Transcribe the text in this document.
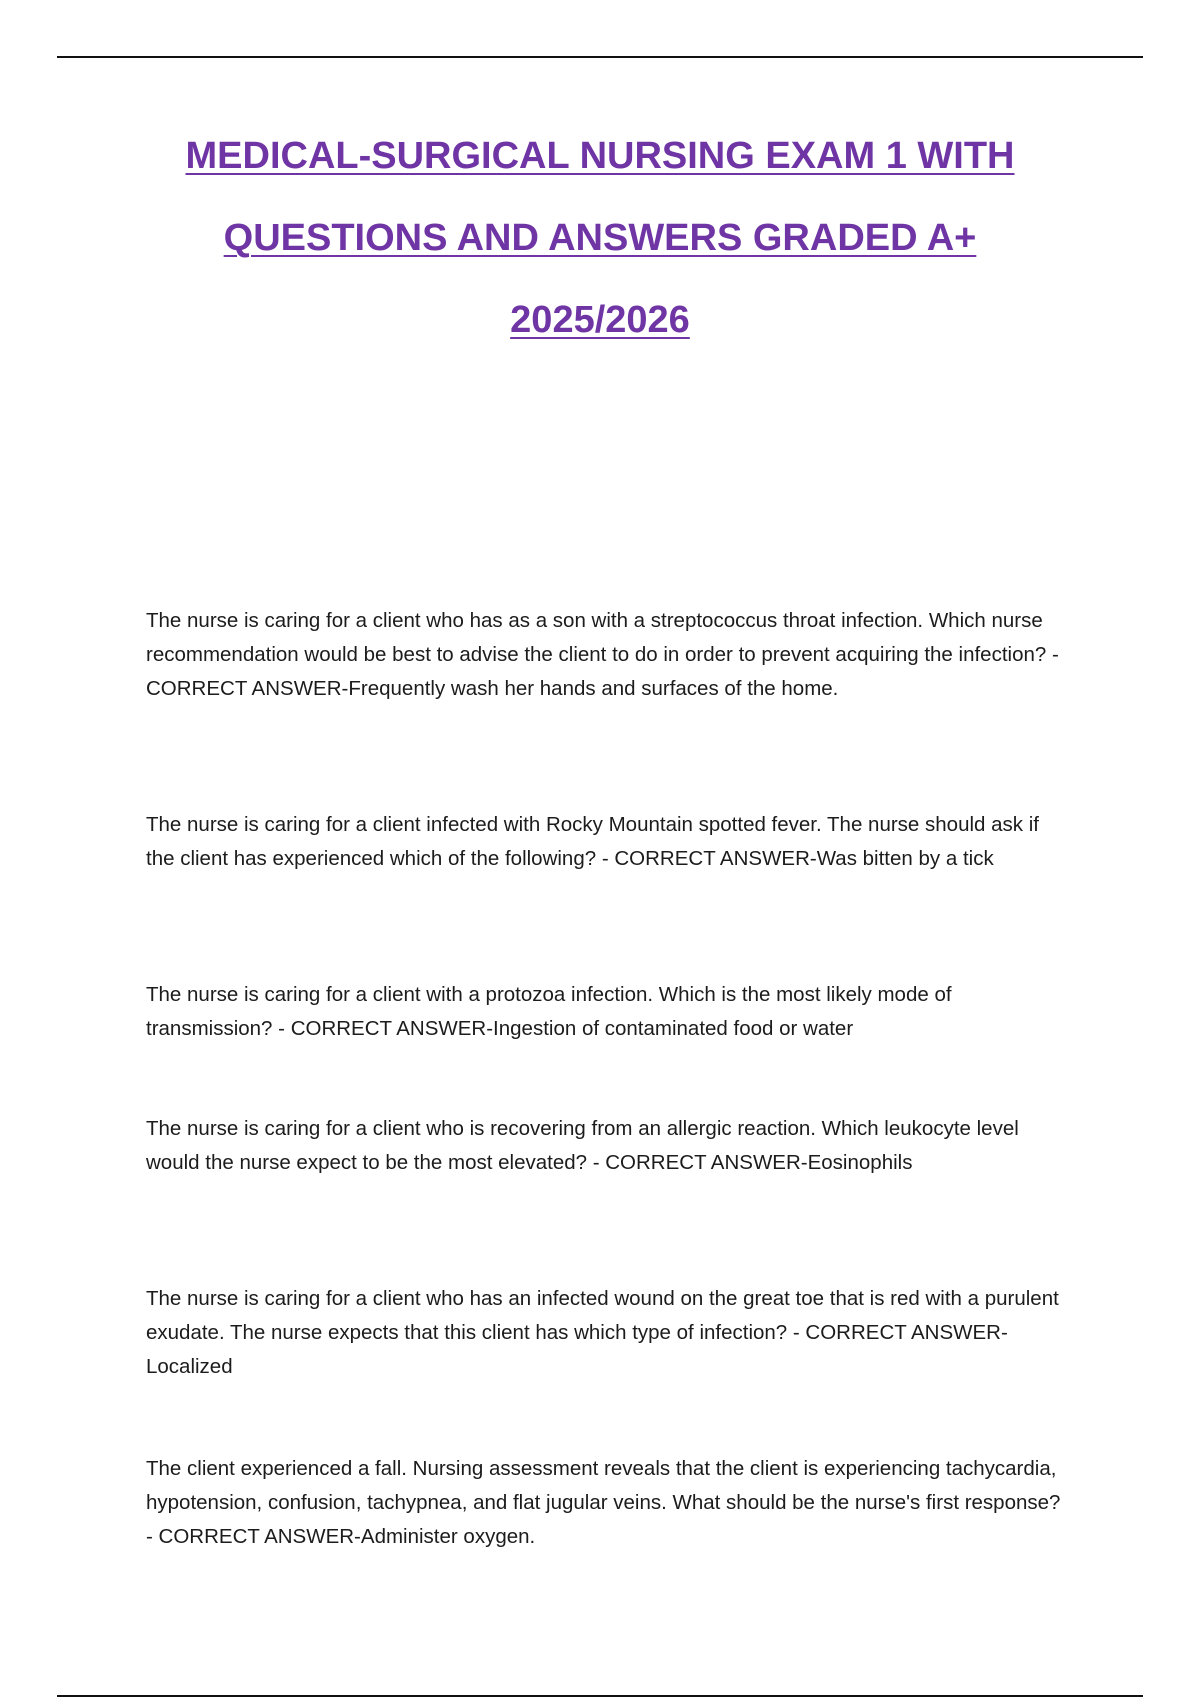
MEDICAL-SURGICAL NURSING EXAM 1 WITH
QUESTIONS AND ANSWERS GRADED A+
2025/2026

The nurse is caring for a client who has as a son with a streptococcus throat infection. Which nurse recommendation would be best to advise the client to do in order to prevent acquiring the infection? - CORRECT ANSWER-Frequently wash her hands and surfaces of the home.

The nurse is caring for a client infected with Rocky Mountain spotted fever. The nurse should ask if the client has experienced which of the following? - CORRECT ANSWER-Was bitten by a tick

The nurse is caring for a client with a protozoa infection. Which is the most likely mode of transmission? - CORRECT ANSWER-Ingestion of contaminated food or water

The nurse is caring for a client who is recovering from an allergic reaction. Which leukocyte level would the nurse expect to be the most elevated? - CORRECT ANSWER-Eosinophils

The nurse is caring for a client who has an infected wound on the great toe that is red with a purulent exudate. The nurse expects that this client has which type of infection? - CORRECT ANSWER-Localized

The client experienced a fall. Nursing assessment reveals that the client is experiencing tachycardia, hypotension, confusion, tachypnea, and flat jugular veins. What should be the nurse's first response? - CORRECT ANSWER-Administer oxygen.
